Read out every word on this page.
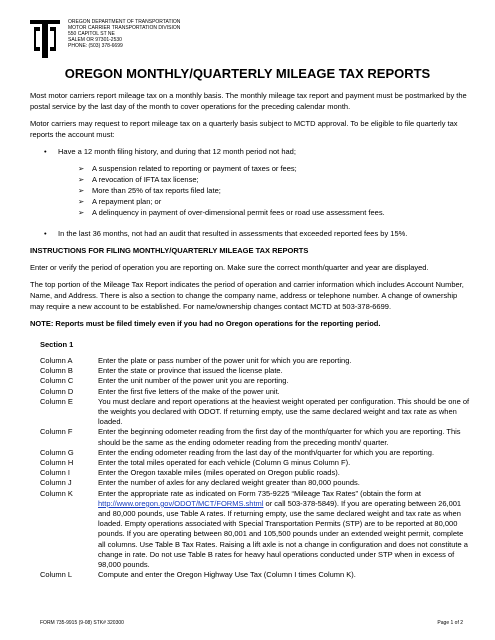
OREGON DEPARTMENT OF TRANSPORTATION
MOTOR CARRIER TRANSPORTATION DIVISION
550 CAPITOL ST NE
SALEM OR 97301-2530
PHONE: (503) 378-6699
OREGON MONTHLY/QUARTERLY MILEAGE TAX REPORTS

Most motor carriers report mileage tax on a monthly basis. The monthly mileage tax report and payment must be postmarked by the postal service by the last day of the month to cover operations for the preceding calendar month.

Motor carriers may request to report mileage tax on a quarterly basis subject to MCTD approval. To be eligible to file quarterly tax reports the account must:

• Have a 12 month filing history, and during that 12 month period not had;
➢ A suspension related to reporting or payment of taxes or fees;
➢ A revocation of IFTA tax license;
➢ More than 25% of tax reports filed late;
➢ A repayment plan; or
➢ A delinquency in payment of over-dimensional permit fees or road use assessment fees.
• In the last 36 months, not had an audit that resulted in assessments that exceeded reported fees by 15%.

INSTRUCTIONS FOR FILING MONTHLY/QUARTERLY MILEAGE TAX REPORTS

Enter or verify the period of operation you are reporting on. Make sure the correct month/quarter and year are displayed.

The top portion of the Mileage Tax Report indicates the period of operation and carrier information which includes Account Number, Name, and Address. There is also a section to change the company name, address or telephone number. A change of ownership may require a new account to be established. For name/ownership changes contact MCTD at 503-378-6699.

NOTE: Reports must be filed timely even if you had no Oregon operations for the reporting period.

Section 1
Column A	Enter the plate or pass number of the power unit for which you are reporting.
Column B	Enter the state or province that issued the license plate.
Column C	Enter the unit number of the power unit you are reporting.
Column D	Enter the first five letters of the make of the power unit.
Column E	You must declare and report operations at the heaviest weight operated per configuration. This should be one of the weights you declared with ODOT. If returning empty, use the same declared weight and tax rate as when loaded.
Column F	Enter the beginning odometer reading from the first day of the month/quarter for which you are reporting. This should be the same as the ending odometer reading from the preceding month/ quarter.
Column G	Enter the ending odometer reading from the last day of the month/quarter for which you are reporting.
Column H	Enter the total miles operated for each vehicle (Column G minus Column F).
Column I	Enter the Oregon taxable miles (miles operated on Oregon public roads).
Column J	Enter the number of axles for any declared weight greater than 80,000 pounds.
Column K	Enter the appropriate rate as indicated on Form 735-9225 “Mileage Tax Rates” (obtain the form at http://www.oregon.gov/ODOT/MCT/FORMS.shtml or call 503-378-5849). If you are operating between 26,001 and 80,000 pounds, use Table A rates. If returning empty, use the same declared weight and tax rate as when loaded. Empty operations associated with Special Transportation Permits (STP) are to be reported at 80,000 pounds. If you are operating between 80,001 and 105,500 pounds under an extended weight permit, complete all columns. Use Table B Tax Rates. Raising a lift axle is not a change in configuration and does not constitute a change in rate. Do not use Table B rates for heavy haul operations conducted under STP when in excess of 98,000 pounds.
Column L	Compute and enter the Oregon Highway Use Tax (Column I times Column K).
FORM 735-9915 (9-08) STK# 320300	Page 1 of 2
